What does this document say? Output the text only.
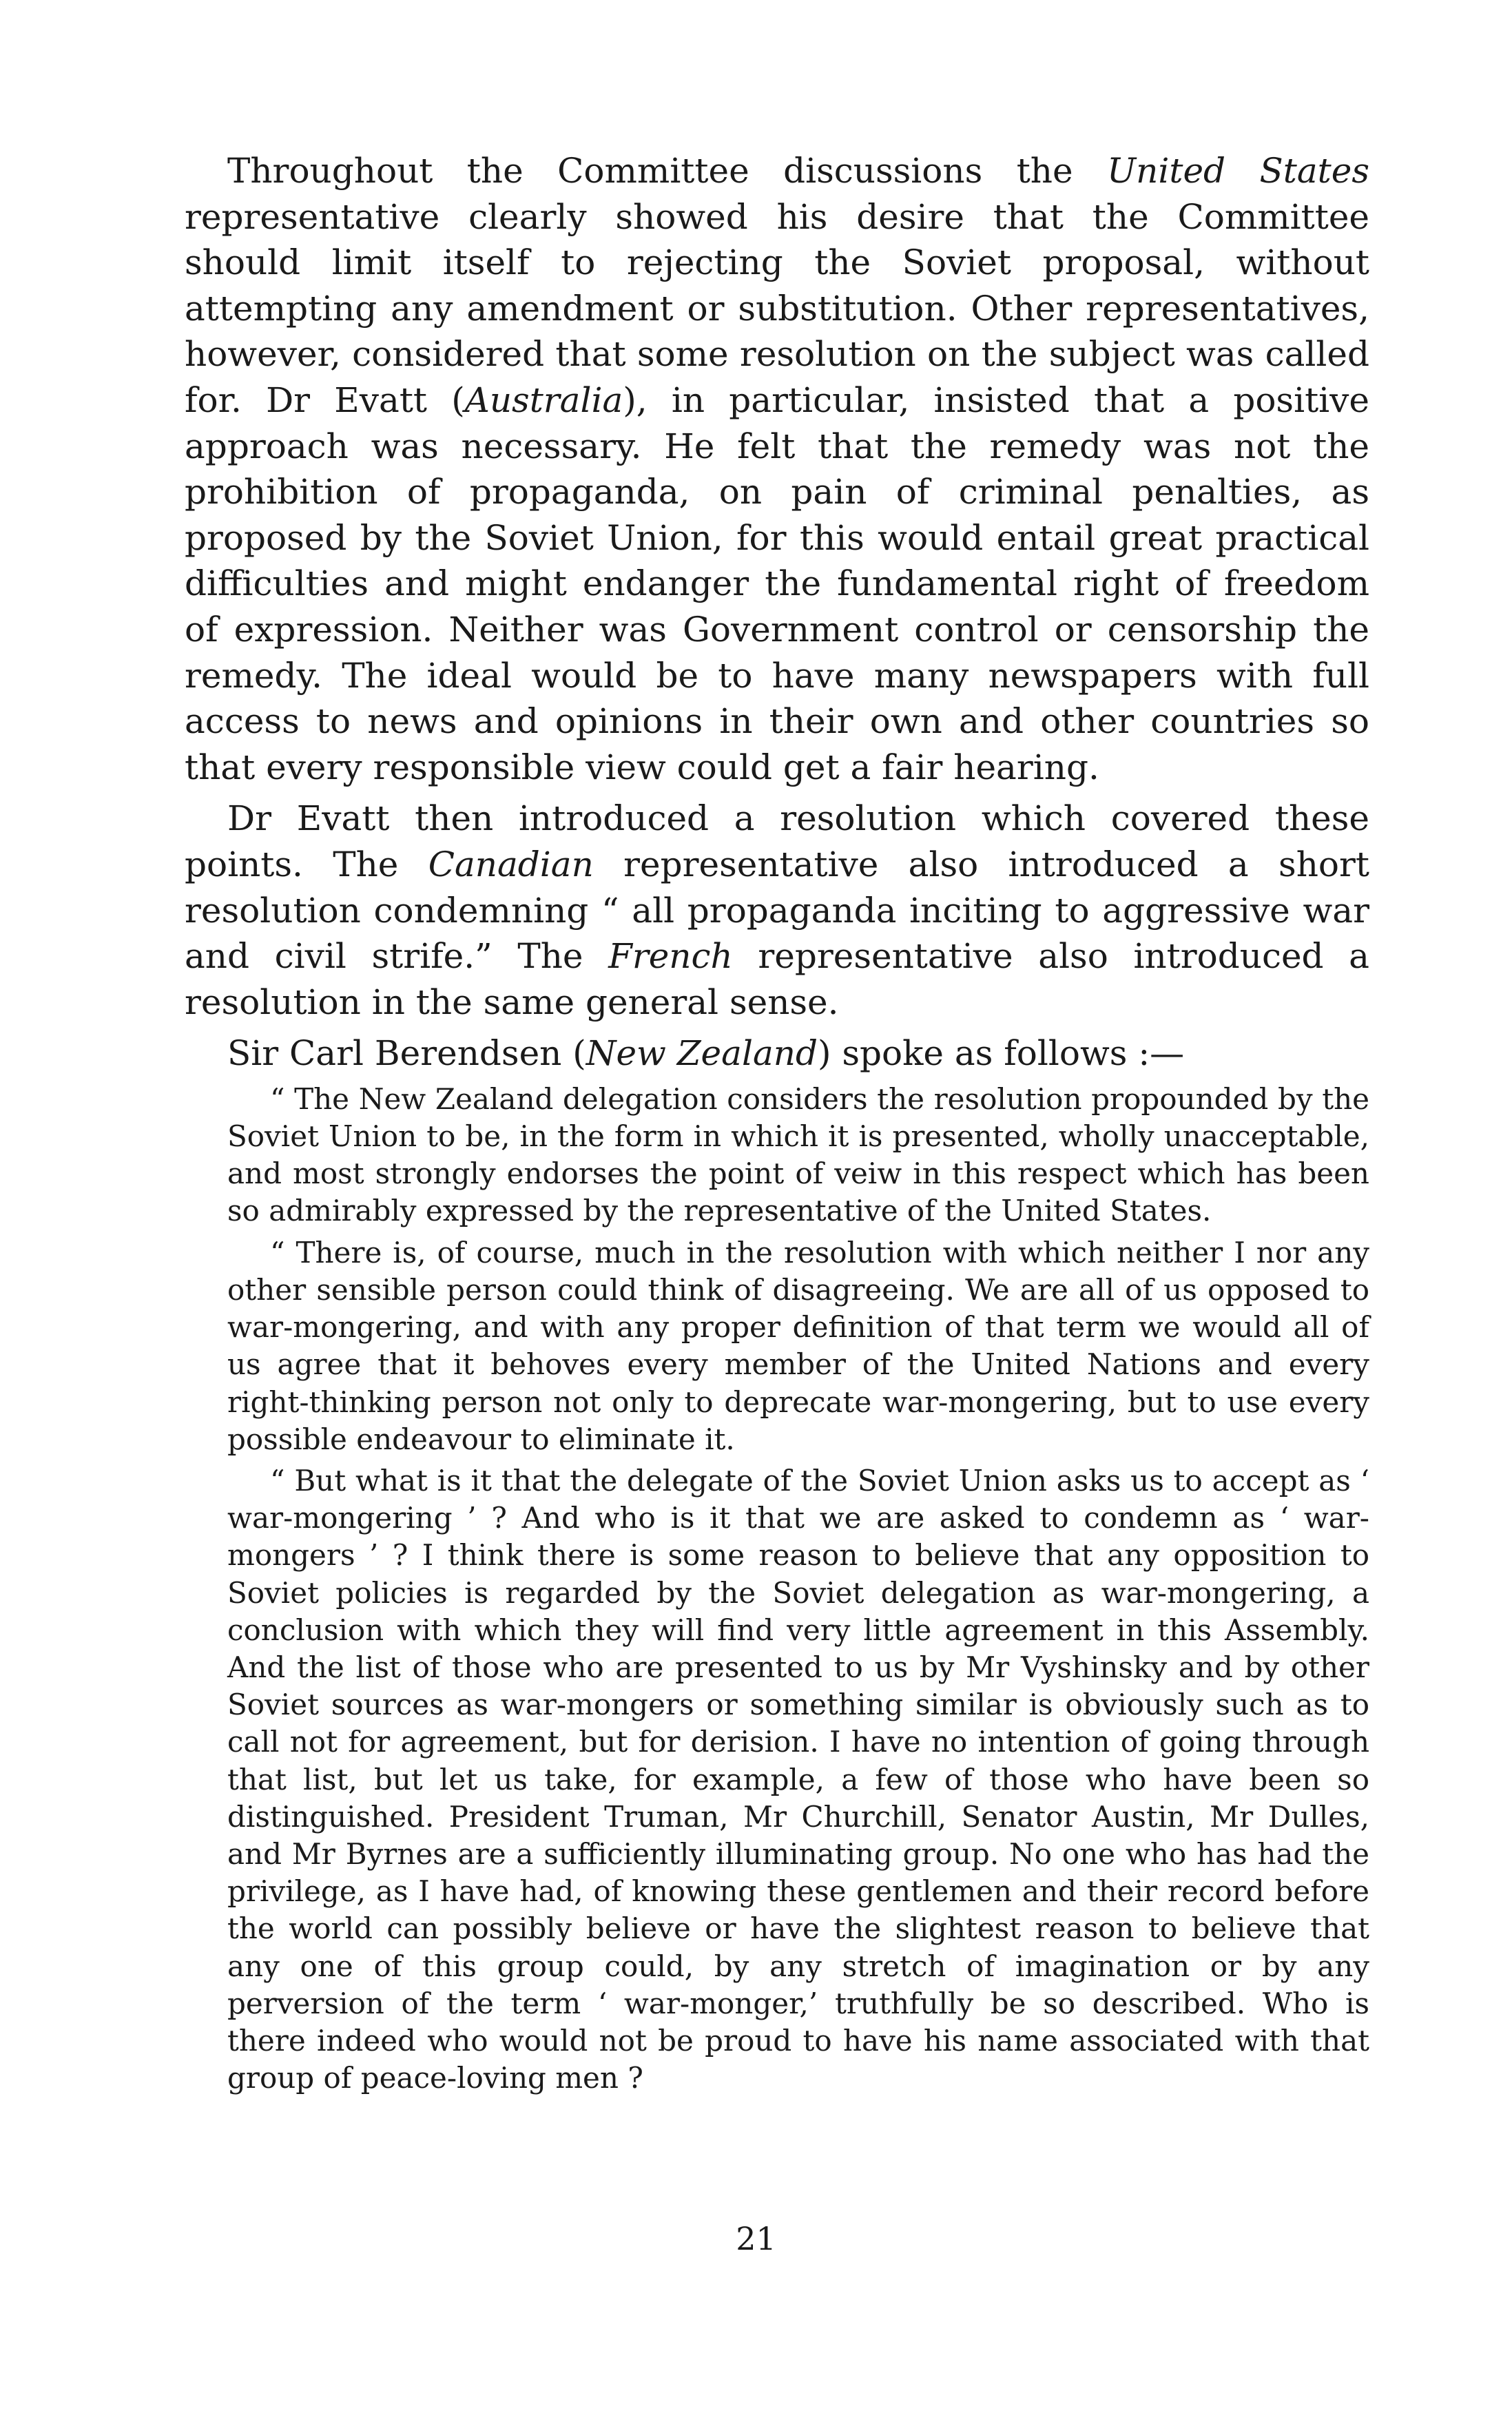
Throughout the Committee discussions the United States representative clearly showed his desire that the Committee should limit itself to rejecting the Soviet proposal, without attempting any amendment or substitution. Other representatives, however, considered that some resolution on the subject was called for. Dr Evatt (Australia), in particular, insisted that a positive approach was necessary. He felt that the remedy was not the prohibition of propaganda, on pain of criminal penalties, as proposed by the Soviet Union, for this would entail great practical difficulties and might endanger the fundamental right of freedom of expression. Neither was Government control or censorship the remedy. The ideal would be to have many newspapers with full access to news and opinions in their own and other countries so that every responsible view could get a fair hearing.

Dr Evatt then introduced a resolution which covered these points. The Canadian representative also introduced a short resolution condemning “ all propaganda inciting to aggressive war and civil strife.” The French representative also introduced a resolution in the same general sense.

Sir Carl Berendsen (New Zealand) spoke as follows :—

“ The New Zealand delegation considers the resolution propounded by the Soviet Union to be, in the form in which it is presented, wholly unacceptable, and most strongly endorses the point of veiw in this respect which has been so admirably expressed by the representative of the United States.

“ There is, of course, much in the resolution with which neither I nor any other sensible person could think of disagreeing. We are all of us opposed to war-mongering, and with any proper definition of that term we would all of us agree that it behoves every member of the United Nations and every right-thinking person not only to deprecate war-mongering, but to use every possible endeavour to eliminate it.

“ But what is it that the delegate of the Soviet Union asks us to accept as ‘ war-mongering ’ ? And who is it that we are asked to condemn as ‘ war-mongers ’ ? I think there is some reason to believe that any opposition to Soviet policies is regarded by the Soviet delegation as war-mongering, a conclusion with which they will find very little agreement in this Assembly. And the list of those who are presented to us by Mr Vyshinsky and by other Soviet sources as war-mongers or something similar is obviously such as to call not for agreement, but for derision. I have no intention of going through that list, but let us take, for example, a few of those who have been so distinguished. President Truman, Mr Churchill, Senator Austin, Mr Dulles, and Mr Byrnes are a sufficiently illuminating group. No one who has had the privilege, as I have had, of knowing these gentlemen and their record before the world can possibly believe or have the slightest reason to believe that any one of this group could, by any stretch of imagination or by any perversion of the term ‘ war-monger,’ truthfully be so described. Who is there indeed who would not be proud to have his name associated with that group of peace-loving men ?

21
